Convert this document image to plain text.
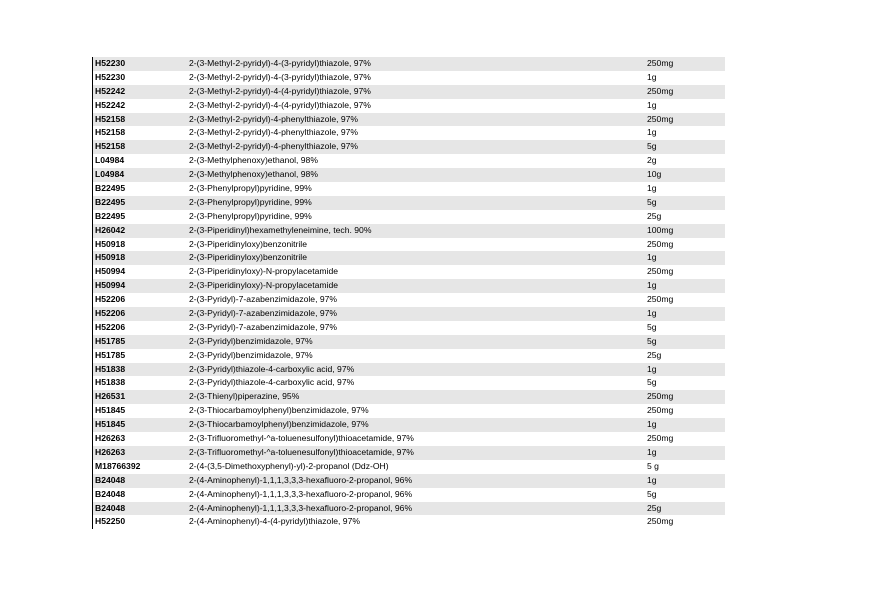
H52230	2-(3-Methyl-2-pyridyl)-4-(3-pyridyl)thiazole, 97%	250mg
H52230	2-(3-Methyl-2-pyridyl)-4-(3-pyridyl)thiazole, 97%	1g
H52242	2-(3-Methyl-2-pyridyl)-4-(4-pyridyl)thiazole, 97%	250mg
H52242	2-(3-Methyl-2-pyridyl)-4-(4-pyridyl)thiazole, 97%	1g
H52158	2-(3-Methyl-2-pyridyl)-4-phenylthiazole, 97%	250mg
H52158	2-(3-Methyl-2-pyridyl)-4-phenylthiazole, 97%	1g
H52158	2-(3-Methyl-2-pyridyl)-4-phenylthiazole, 97%	5g
L04984	2-(3-Methylphenoxy)ethanol, 98%	2g
L04984	2-(3-Methylphenoxy)ethanol, 98%	10g
B22495	2-(3-Phenylpropyl)pyridine, 99%	1g
B22495	2-(3-Phenylpropyl)pyridine, 99%	5g
B22495	2-(3-Phenylpropyl)pyridine, 99%	25g
H26042	2-(3-Piperidinyl)hexamethyleneimine, tech. 90%	100mg
H50918	2-(3-Piperidinyloxy)benzonitrile	250mg
H50918	2-(3-Piperidinyloxy)benzonitrile	1g
H50994	2-(3-Piperidinyloxy)-N-propylacetamide	250mg
H50994	2-(3-Piperidinyloxy)-N-propylacetamide	1g
H52206	2-(3-Pyridyl)-7-azabenzimidazole, 97%	250mg
H52206	2-(3-Pyridyl)-7-azabenzimidazole, 97%	1g
H52206	2-(3-Pyridyl)-7-azabenzimidazole, 97%	5g
H51785	2-(3-Pyridyl)benzimidazole, 97%	5g
H51785	2-(3-Pyridyl)benzimidazole, 97%	25g
H51838	2-(3-Pyridyl)thiazole-4-carboxylic acid, 97%	1g
H51838	2-(3-Pyridyl)thiazole-4-carboxylic acid, 97%	5g
H26531	2-(3-Thienyl)piperazine, 95%	250mg
H51845	2-(3-Thiocarbamoylphenyl)benzimidazole, 97%	250mg
H51845	2-(3-Thiocarbamoylphenyl)benzimidazole, 97%	1g
H26263	2-(3-Trifluoromethyl-^a-toluenesulfonyl)thioacetamide, 97%	250mg
H26263	2-(3-Trifluoromethyl-^a-toluenesulfonyl)thioacetamide, 97%	1g
M18766392	2-(4-(3,5-Dimethoxyphenyl)-yl)-2-propanol (Ddz-OH)	5 g
B24048	2-(4-Aminophenyl)-1,1,1,3,3,3-hexafluoro-2-propanol, 96%	1g
B24048	2-(4-Aminophenyl)-1,1,1,3,3,3-hexafluoro-2-propanol, 96%	5g
B24048	2-(4-Aminophenyl)-1,1,1,3,3,3-hexafluoro-2-propanol, 96%	25g
H52250	2-(4-Aminophenyl)-4-(4-pyridyl)thiazole, 97%	250mg
